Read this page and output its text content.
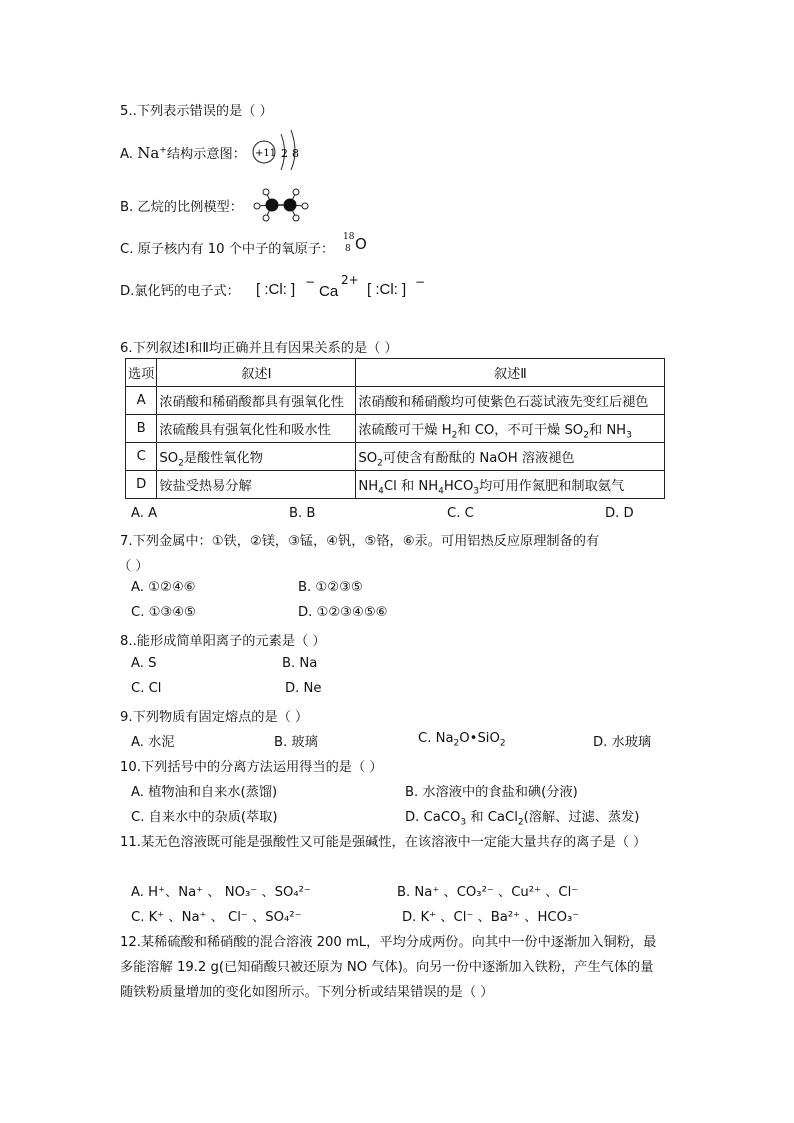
5..下列表示错误的是（ ）
A. Na+结构示意图： +11 2 8
B. 乙烷的比例模型：
C. 原子核内有 10 个中子的氧原子：
18
8 O
D.氯化钙的电子式： [ :Cl: ] −
Ca
2+
[ :Cl: ] −
6.下列叙述Ⅰ和Ⅱ均正确并且有因果关系的是（ ）
选项	叙述Ⅰ	叙述Ⅱ
A	浓硝酸和稀硝酸都具有强氧化性	浓硝酸和稀硝酸均可使紫色石蕊试液先变红后褪色
B	浓硫酸具有强氧化性和吸水性	浓硫酸可干燥 $H_2$和 CO，不可干燥 $SO_2$和 $NH_3$
C	$SO_2$是酸性氧化物	$SO_2$可使含有酚酞的 NaOH 溶液褪色
D	铵盐受热易分解	$NH_4Cl$ 和 $NH_4HCO_3$均可用作氮肥和制取氨气
A. A	B. B	C. C	D. D
7.下列金属中：①铁，②镁，③锰，④钒，⑤铬，⑥汞。可用铝热反应原理制备的有
（ ）
A. ①②④⑥	B. ①②③⑤
C. ①③④⑤	D. ①②③④⑤⑥
8..能形成简单阳离子的元素是（ ）
A. S	B. Na
C. Cl	D. Ne
9.下列物质有固定熔点的是（ ）
A. 水泥	B. 玻璃	C. $Na_2O•SiO_2$	D. 水玻璃
10.下列括号中的分离方法运用得当的是（ ）
A. 植物油和自来水(蒸馏)	B. 水溶液中的食盐和碘(分液)
C. 自来水中的杂质(萃取)	D. CaCO$_3$ 和 CaCl$_2$(溶解、过滤、蒸发)
11.某无色溶液既可能是强酸性又可能是强碱性，在该溶液中一定能大量共存的离子是（ ）
A. H⁺、Na⁺ 、 NO₃⁻ 、SO₄²⁻	B. Na⁺ 、CO₃²⁻ 、Cu²⁺ 、Cl⁻
C. K⁺ 、Na⁺ 、 Cl⁻ 、SO₄²⁻	D. K⁺ 、Cl⁻ 、Ba²⁺ 、HCO₃⁻
12.某稀硫酸和稀硝酸的混合溶液 200 mL，平均分成两份。向其中一份中逐渐加入铜粉，最
多能溶解 19.2 g(已知硝酸只被还原为 NO 气体)。向另一份中逐渐加入铁粉，产生气体的量
随铁粉质量增加的变化如图所示。下列分析或结果错误的是（ ）
